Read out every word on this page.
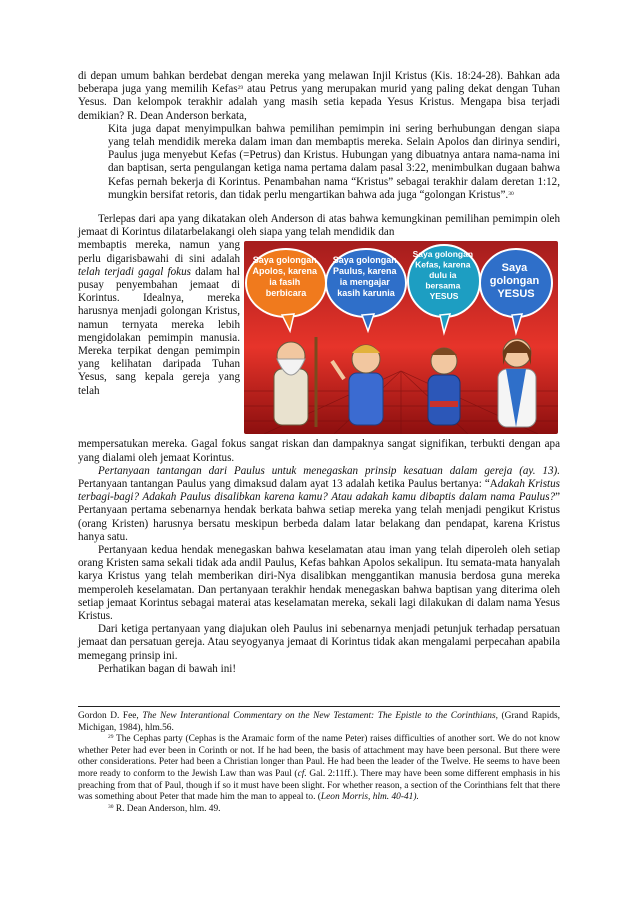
di depan umum bahkan berdebat dengan mereka yang melawan Injil Kristus (Kis. 18:24-28). Bahkan ada beberapa juga yang memilih Kefas$^{29}$ atau Petrus yang merupakan murid yang paling dekat dengan Tuhan Yesus. Dan kelompok terakhir adalah yang masih setia kepada Yesus Kristus. Mengapa bisa terjadi demikian? R. Dean Anderson berkata,

Kita juga dapat menyimpulkan bahwa pemilihan pemimpin ini sering berhubungan dengan siapa yang telah mendidik mereka dalam iman dan membaptis mereka. Selain Apolos dan dirinya sendiri, Paulus juga menyebut Kefas (=Petrus) dan Kristus. Hubungan yang dibuatnya antara nama-nama ini dan baptisan, serta pengulangan ketiga nama pertama dalam pasal 3:22, menimbulkan dugaan bahwa Kefas pernah bekerja di Korintus. Penambahan nama “Kristus” sebagai terakhir dalam deretan 1:12, mungkin bersifat retoris, dan tidak perlu mengartikan bahwa ada juga “golongan Kristus”.$^{30}$

Terlepas dari apa yang dikatakan oleh Anderson di atas bahwa kemungkinan pemilihan pemimpin oleh jemaat di Korintus dilatarbelakangi oleh siapa yang telah mendidik dan

membaptis mereka, namun yang perlu digarisbawahi di sini adalah telah terjadi gagal fokus dalam hal pusay penyembahan jemaat di Korintus. Idealnya, mereka harusnya menjadi golongan Kristus, namun ternyata mereka lebih mengidolakan pemimpin manusia. Mereka terpikat dengan pemimpin yang kelihatan daripada Tuhan Yesus, sang kepala gereja yang telah

Saya golongan Apolos, karena ia fasih berbicara
Saya golongan Paulus, karena ia mengajar kasih karunia
Saya golongan Kefas, karena dulu ia bersama YESUS
Saya golongan YESUS

mempersatukan mereka. Gagal fokus sangat riskan dan dampaknya sangat signifikan, terbukti dengan apa yang dialami oleh jemaat Korintus.

Pertanyaan tantangan dari Paulus untuk menegaskan prinsip kesatuan dalam gereja (ay. 13). Pertanyaan tantangan Paulus yang dimaksud dalam ayat 13 adalah ketika Paulus bertanya: “Adakah Kristus terbagi-bagi? Adakah Paulus disalibkan karena kamu? Atau adakah kamu dibaptis dalam nama Paulus?” Pertanyaan pertama sebenarnya hendak berkata bahwa setiap mereka yang telah menjadi pengikut Kristus (orang Kristen) harusnya bersatu meskipun berbeda dalam latar belakang dan pendapat, karena Kristus hanya satu.

Pertanyaan kedua hendak menegaskan bahwa keselamatan atau iman yang telah diperoleh oleh setiap orang Kristen sama sekali tidak ada andil Paulus, Kefas bahkan Apolos sekalipun. Itu semata-mata hanyalah karya Kristus yang telah memberikan diri-Nya disalibkan menggantikan manusia berdosa guna mereka memperoleh keselamatan. Dan pertanyaan terakhir hendak menegaskan bahwa baptisan yang diterima oleh setiap jemaat Korintus sebagai materai atas keselamatan mereka, sekali lagi dilakukan di dalam nama Yesus Kristus.

Dari ketiga pertanyaan yang diajukan oleh Paulus ini sebenarnya menjadi petunjuk terhadap persatuan jemaat dan persatuan gereja. Atau seyogyanya jemaat di Korintus tidak akan mengalami perpecahan apabila memegang prinsip ini.

Perhatikan bagan di bawah ini!

Gordon D. Fee, The New Interantional Commentary on the New Testament: The Epistle to the Corinthians, (Grand Rapids, Michigan, 1984), hlm.56.

$^{29}$ The Cephas party (Cephas is the Aramaic form of the name Peter) raises difficulties of another sort. We do not know whether Peter had ever been in Corinth or not. If he had been, the basis of attachment may have been personal. But there were other considerations. Peter had been a Christian longer than Paul. He had been the leader of the Twelve. He seems to have been more ready to conform to the Jewish Law than was Paul (cf. Gal. 2:11ff.). There may have been some different emphasis in his preaching from that of Paul, though if so it must have been slight. For whether reason, a section of the Corinthians felt that there was something about Peter that made him the man to appeal to. (Leon Morris, hlm. 40-41).

$^{30}$ R. Dean Anderson, hlm. 49.
